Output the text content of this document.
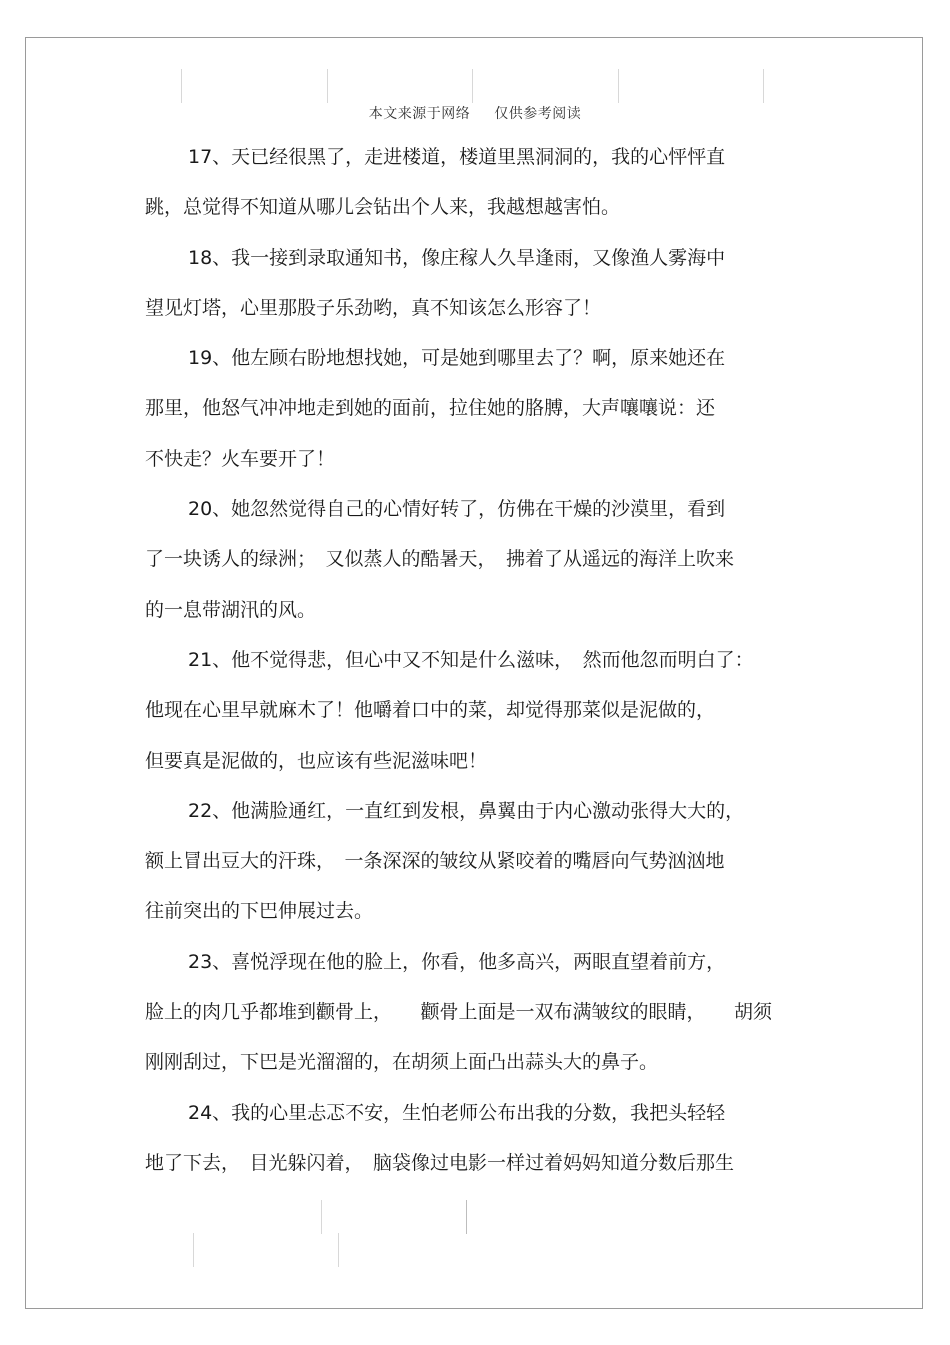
本文来源于网络 仅供参考阅读
17、天已经很黑了，走进楼道，楼道里黑洞洞的，我的心怦怦直
跳，总觉得不知道从哪儿会钻出个人来，我越想越害怕。
18、我一接到录取通知书，像庄稼人久旱逢雨，又像渔人雾海中
望见灯塔，心里那股子乐劲哟，真不知该怎么形容了！
19、他左顾右盼地想找她，可是她到哪里去了？啊，原来她还在
那里，他怒气冲冲地走到她的面前，拉住她的胳膊，大声嚷嚷说：还
不快走？火车要开了！
20、她忽然觉得自己的心情好转了，仿佛在干燥的沙漠里，看到
了一块诱人的绿洲；　又似蒸人的酷暑天，　拂着了从遥远的海洋上吹来
的一息带湖汛的风。
21、他不觉得悲，但心中又不知是什么滋味，　然而他忽而明白了：
他现在心里早就麻木了！他嚼着口中的菜，却觉得那菜似是泥做的，
但要真是泥做的，也应该有些泥滋味吧！
22、他满脸通红，一直红到发根，鼻翼由于内心激动张得大大的，
额上冒出豆大的汗珠，　一条深深的皱纹从紧咬着的嘴唇向气势汹汹地
往前突出的下巴伸展过去。
23、喜悦浮现在他的脸上，你看，他多高兴，两眼直望着前方，
脸上的肉几乎都堆到颧骨上，　　颧骨上面是一双布满皱纹的眼睛，　　胡须
刚刚刮过，下巴是光溜溜的，在胡须上面凸出蒜头大的鼻子。
24、我的心里忐忑不安，生怕老师公布出我的分数，我把头轻轻
地了下去，　目光躲闪着，　脑袋像过电影一样过着妈妈知道分数后那生
